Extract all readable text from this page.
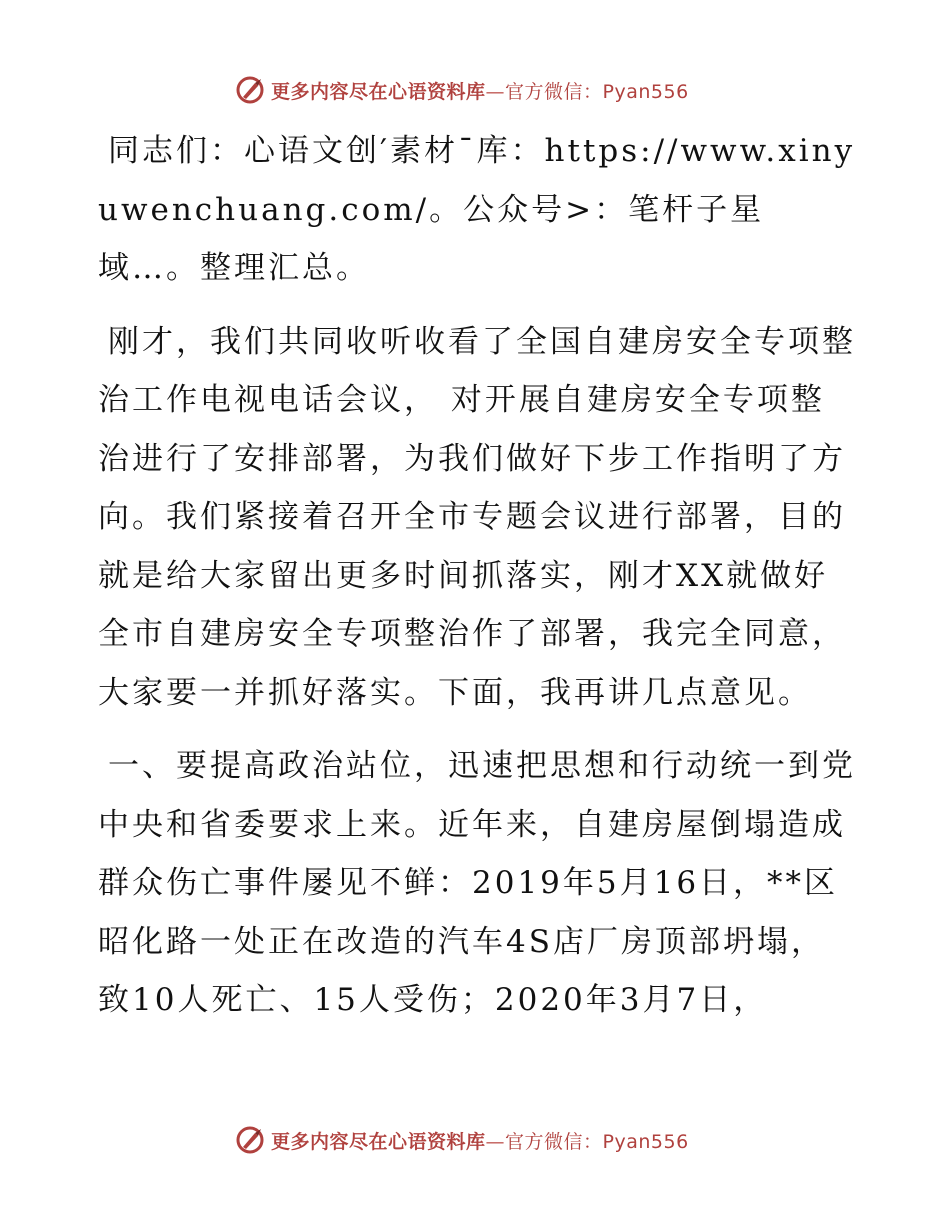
更多内容尽在心语资料库—官方微信：Pyan556

同志们：心语文创′素材¯库：https://www.xinyuwenchuang.com/。公众号>：笔杆子星域…。整理汇总。

刚才，我们共同收听收看了全国自建房安全专项整治工作电视电话会议， 对开展自建房安全专项整治进行了安排部署，为我们做好下步工作指明了方向。我们紧接着召开全市专题会议进行部署，目的就是给大家留出更多时间抓落实，刚才XX就做好全市自建房安全专项整治作了部署，我完全同意，大家要一并抓好落实。下面，我再讲几点意见。

一、要提高政治站位，迅速把思想和行动统一到党中央和省委要求上来。近年来，自建房屋倒塌造成群众伤亡事件屡见不鲜：2019年5月16日，**区昭化路一处正在改造的汽车4S店厂房顶部坍塌，致10人死亡、15人受伤；2020年3月7日，

更多内容尽在心语资料库—官方微信：Pyan556
